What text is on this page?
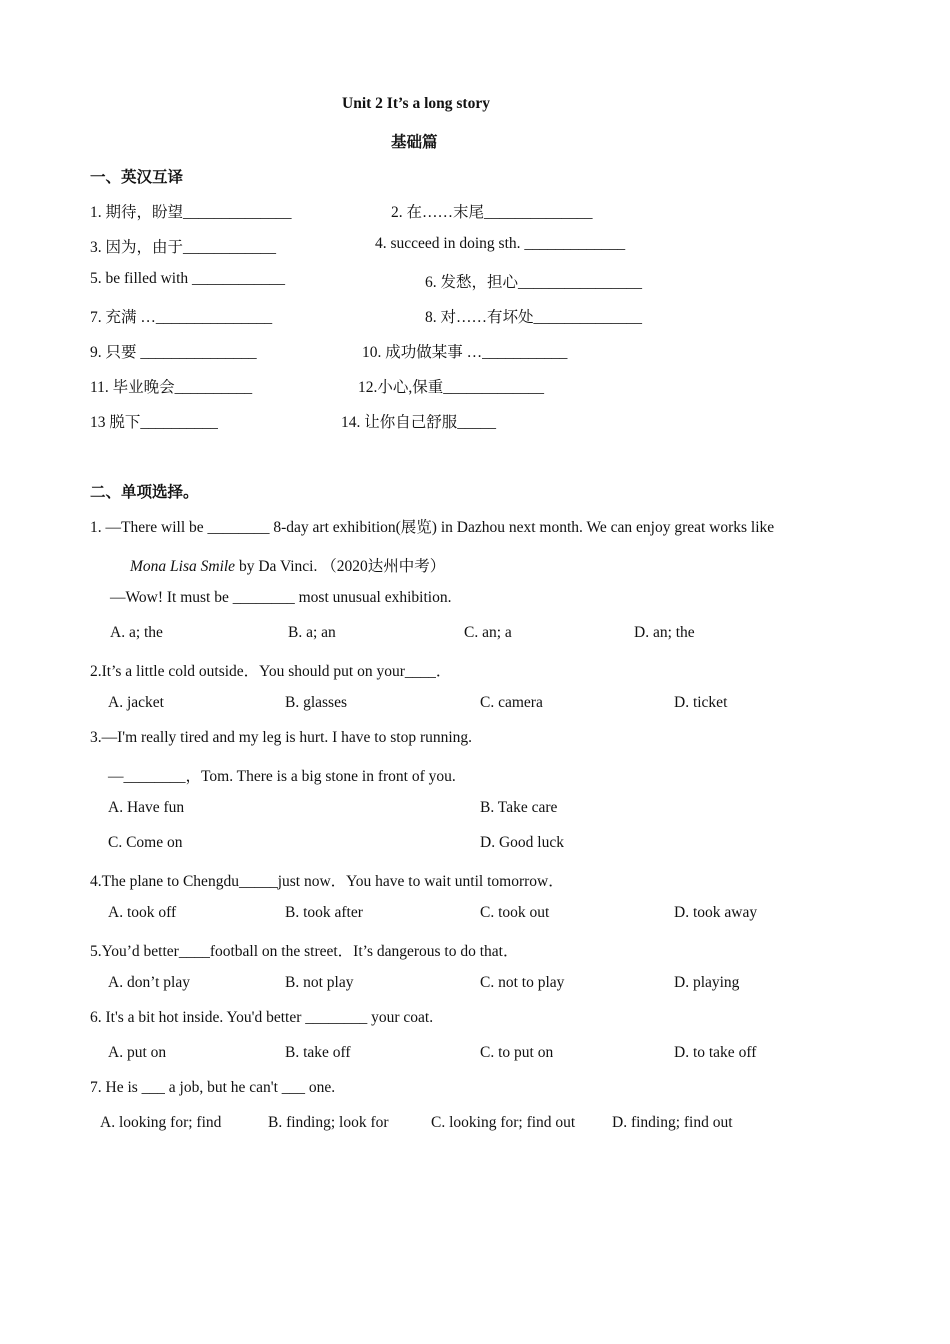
Unit 2 It’s a long story
基础篇
一、英汉互译
1. 期待，盼望______________	2. 在……末尾______________
3. 因为，由于____________	4. succeed in doing sth. _____________
5. be filled with ____________	6. 发愁，担心________________
7. 充满 …_______________	8. 对……有坏处______________
9. 只要 _______________	10. 成功做某事 …___________
11. 毕业晚会__________	12.小心,保重_____________
13 脱下__________	14. 让你自己舒服_____
二、单项选择。
1. —There will be ________ 8-day art exhibition(展览) in Dazhou next month. We can enjoy great works like
Mona Lisa Smile by Da Vinci. （2020达州中考）
—Wow! It must be ________ most unusual exhibition.
A. a; the	B. a; an	C. an; a	D. an; the
2.It’s a little cold outside．You should put on your____．
A. jacket	B. glasses	C. camera	D. ticket
3.—I'm really tired and my leg is hurt. I have to stop running.
—________，Tom. There is a big stone in front of you.
A. Have fun	B. Take care
C. Come on	D. Good luck
4.The plane to Chengdu_____just now．You have to wait until tomorrow．
A. took off	B. took after	C. took out	D. took away
5.You’d better____football on the street．It’s dangerous to do that．
A. don’t play	B. not play	C. not to play	D. playing
6. It's a bit hot inside. You'd better ________ your coat.
A. put on	B. take off	C. to put on	D. to take off
7. He is ___ a job, but he can't ___ one.
A. looking for; find	B. finding; look for	C. looking for; find out D. finding; find out
